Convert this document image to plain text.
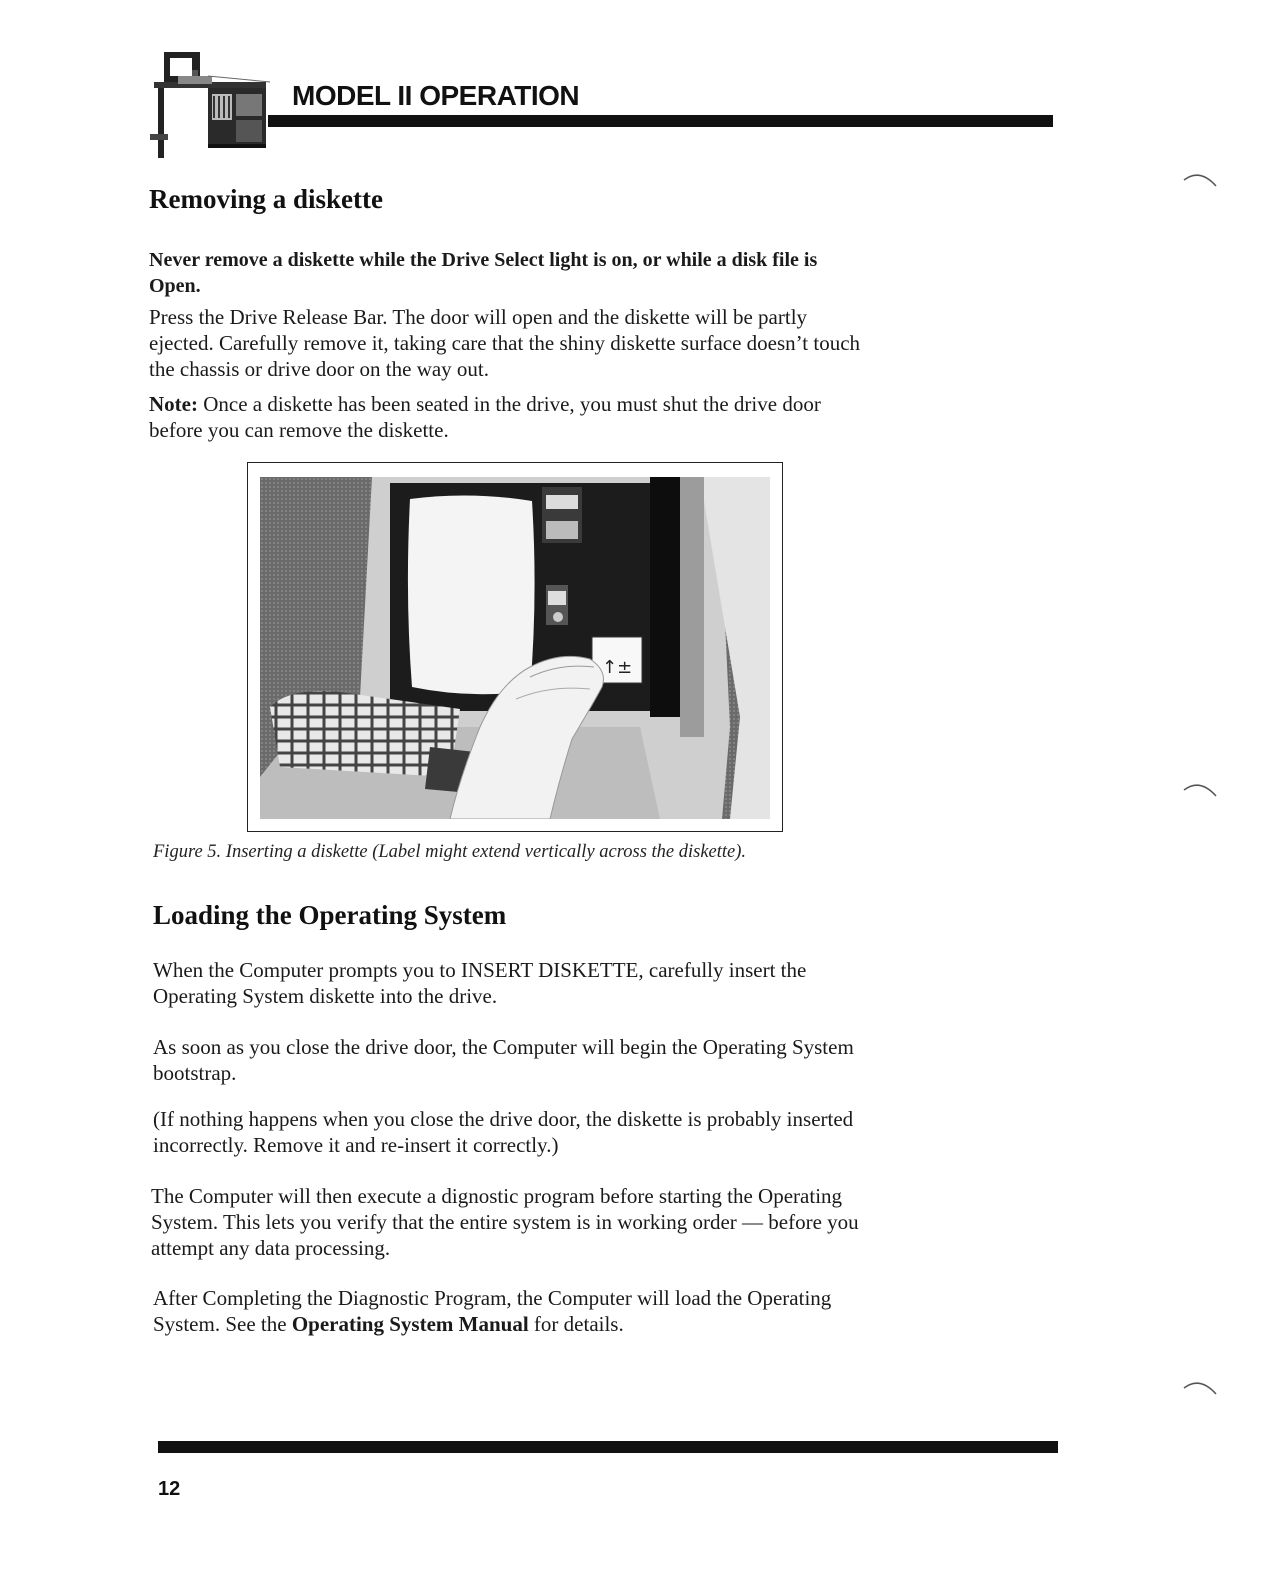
MODEL II OPERATION
Removing a diskette
Never remove a diskette while the Drive Select light is on, or while a disk file is Open.
Press the Drive Release Bar. The door will open and the diskette will be partly ejected. Carefully remove it, taking care that the shiny diskette surface doesn’t touch the chassis or drive door on the way out.
Note: Once a diskette has been seated in the drive, you must shut the drive door before you can remove the diskette.
↑±
Figure 5. Inserting a diskette (Label might extend vertically across the diskette).
Loading the Operating System
When the Computer prompts you to INSERT DISKETTE, carefully insert the Operating System diskette into the drive.
As soon as you close the drive door, the Computer will begin the Operating System bootstrap.
(If nothing happens when you close the drive door, the diskette is probably inserted incorrectly. Remove it and re-insert it correctly.)
The Computer will then execute a dignostic program before starting the Operating System. This lets you verify that the entire system is in working order — before you attempt any data processing.
After Completing the Diagnostic Program, the Computer will load the Operating System. See the Operating System Manual for details.
12
